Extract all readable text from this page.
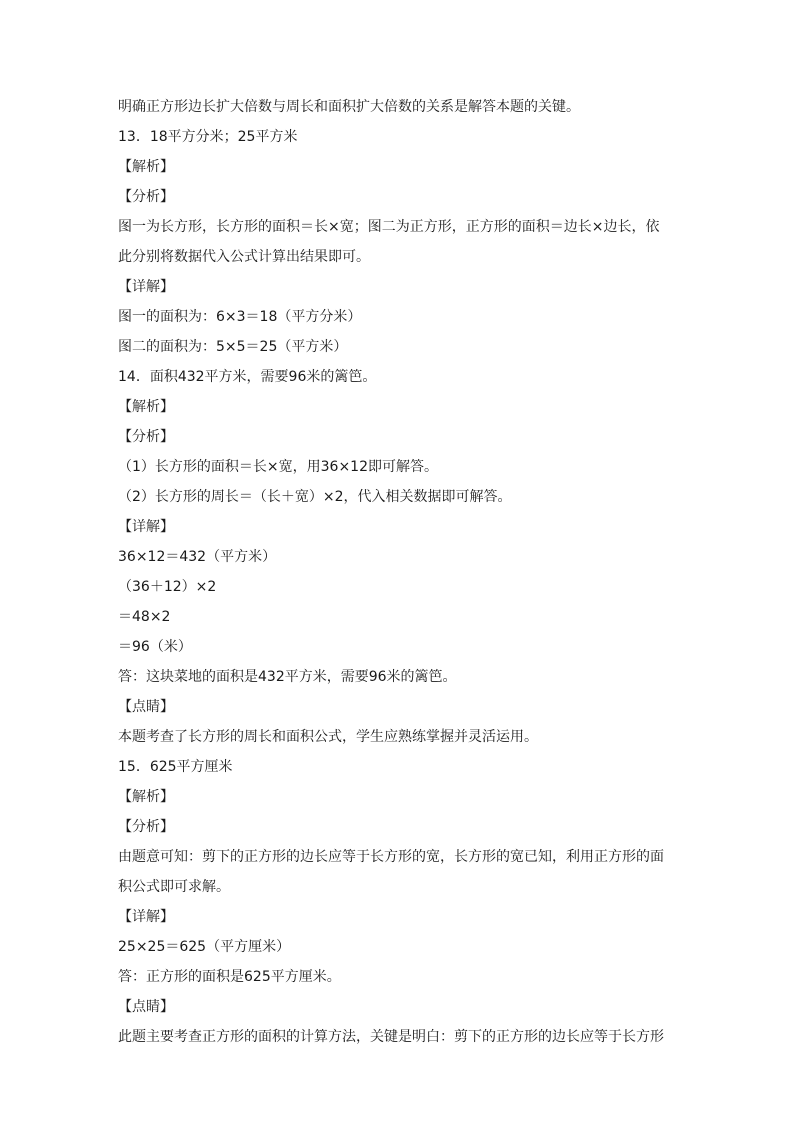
明确正方形边长扩大倍数与周长和面积扩大倍数的关系是解答本题的关键。
13．18平方分米；25平方米
【解析】
【分析】
图一为长方形，长方形的面积＝长×宽；图二为正方形，正方形的面积＝边长×边长，依
此分别将数据代入公式计算出结果即可。
【详解】
图一的面积为：6×3＝18（平方分米）
图二的面积为：5×5＝25（平方米）
14．面积432平方米，需要96米的篱笆。
【解析】
【分析】
（1）长方形的面积＝长×宽，用36×12即可解答。
（2）长方形的周长＝（长＋宽）×2，代入相关数据即可解答。
【详解】
36×12＝432（平方米）
（36＋12）×2
＝48×2
＝96（米）
答：这块菜地的面积是432平方米，需要96米的篱笆。
【点睛】
本题考查了长方形的周长和面积公式，学生应熟练掌握并灵活运用。
15．625平方厘米
【解析】
【分析】
由题意可知：剪下的正方形的边长应等于长方形的宽，长方形的宽已知，利用正方形的面
积公式即可求解。
【详解】
25×25＝625（平方厘米）
答：正方形的面积是625平方厘米。
【点睛】
此题主要考查正方形的面积的计算方法，关键是明白：剪下的正方形的边长应等于长方形
